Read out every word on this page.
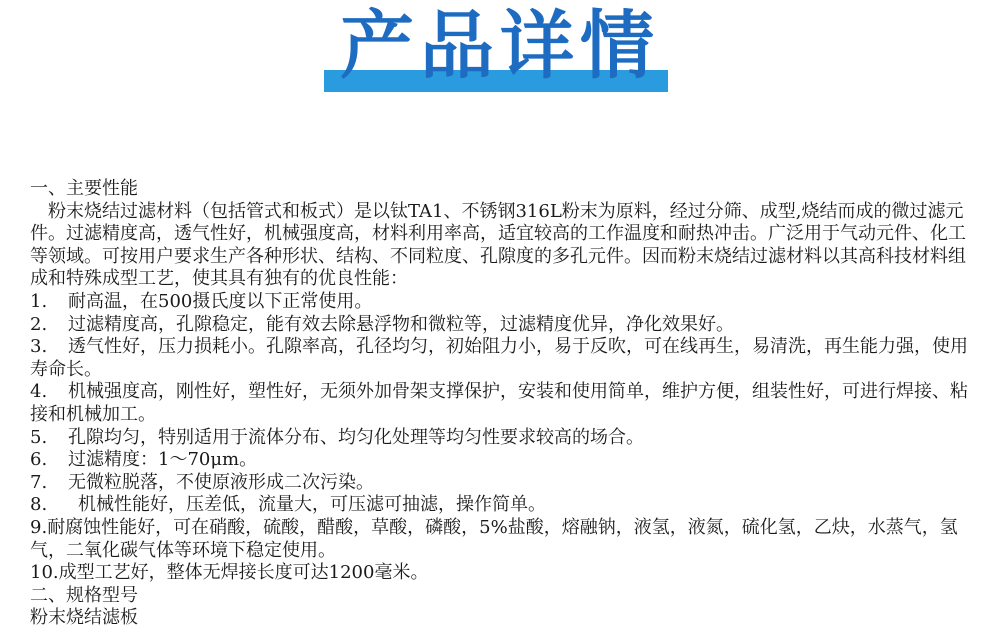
产品详情

一、主要性能

粉末烧结过滤材料（包括管式和板式）是以钛TA1、不锈钢316L粉末为原料，经过分筛、成型,烧结而成的微过滤元件。过滤精度高，透气性好，机械强度高，材料利用率高，适宜较高的工作温度和耐热冲击。广泛用于气动元件、化工等领域。可按用户要求生产各种形状、结构、不同粒度、孔隙度的多孔元件。因而粉末烧结过滤材料以其高科技材料组成和特殊成型工艺，使其具有独有的优良性能：

1. 耐高温，在500摄氏度以下正常使用。

2. 过滤精度高，孔隙稳定，能有效去除悬浮物和微粒等，过滤精度优异，净化效果好。

3. 透气性好，压力损耗小。孔隙率高，孔径均匀，初始阻力小，易于反吹，可在线再生，易清洗，再生能力强，使用寿命长。

4. 机械强度高，刚性好，塑性好，无须外加骨架支撑保护，安装和使用简单，维护方便，组装性好，可进行焊接、粘接和机械加工。

5. 孔隙均匀，特别适用于流体分布、均匀化处理等均匀性要求较高的场合。

6. 过滤精度：1～70μm。

7. 无微粒脱落，不使原液形成二次污染。

8. 机械性能好，压差低，流量大，可压滤可抽滤，操作简单。

9.耐腐蚀性能好，可在硝酸，硫酸，醋酸，草酸，磷酸，5%盐酸，熔融钠，液氢，液氮，硫化氢，乙炔，水蒸气，氢气，二氧化碳气体等环境下稳定使用。

10.成型工艺好，整体无焊接长度可达1200毫米。

二、规格型号

粉末烧结滤板
